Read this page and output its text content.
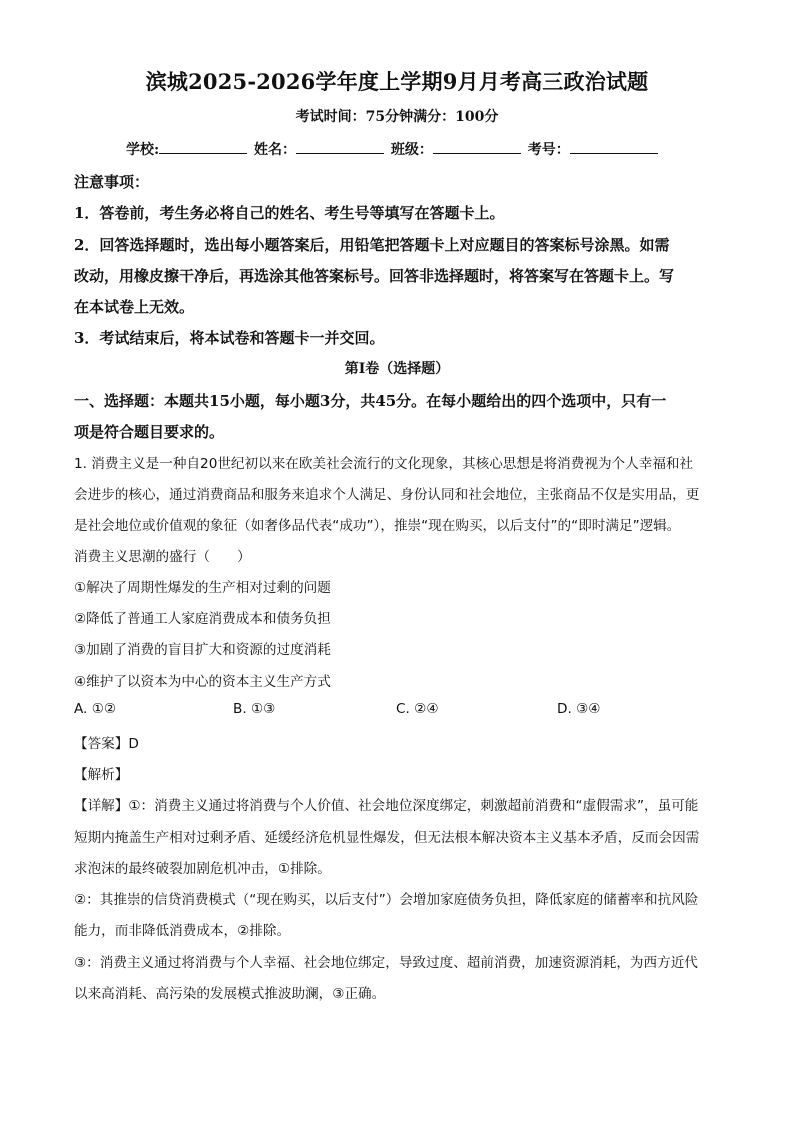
滨城2025-2026学年度上学期9月月考高三政治试题
考试时间：75分钟满分：100分
学校:	姓名：	班级：	考号：
注意事项：
1．答卷前，考生务必将自己的姓名、考生号等填写在答题卡上。
2．回答选择题时，选出每小题答案后，用铅笔把答题卡上对应题目的答案标号涂黑。如需
改动，用橡皮擦干净后，再选涂其他答案标号。回答非选择题时，将答案写在答题卡上。写
在本试卷上无效。
3．考试结束后，将本试卷和答题卡一并交回。
第Ⅰ卷（选择题）
一、选择题：本题共15小题，每小题3分，共45分。在每小题给出的四个选项中，只有一
项是符合题目要求的。
1. 消费主义是一种自20世纪初以来在欧美社会流行的文化现象，其核心思想是将消费视为个人幸福和社
会进步的核心，通过消费商品和服务来追求个人满足、身份认同和社会地位，主张商品不仅是实用品，更
是社会地位或价值观的象征（如奢侈品代表“成功”），推崇“现在购买，以后支付”的“即时满足”逻辑。
消费主义思潮的盛行（　　）
①解决了周期性爆发的生产相对过剩的问题
②降低了普通工人家庭消费成本和债务负担
③加剧了消费的盲目扩大和资源的过度消耗
④维护了以资本为中心的资本主义生产方式
A. ①②	B. ①③	C. ②④	D. ③④
【答案】D
【解析】
【详解】①：消费主义通过将消费与个人价值、社会地位深度绑定，刺激超前消费和“虚假需求”，虽可能
短期内掩盖生产相对过剩矛盾、延缓经济危机显性爆发，但无法根本解决资本主义基本矛盾，反而会因需
求泡沫的最终破裂加剧危机冲击，①排除。
②：其推崇的信贷消费模式（“现在购买，以后支付”）会增加家庭债务负担，降低家庭的储蓄率和抗风险
能力，而非降低消费成本，②排除。
③：消费主义通过将消费与个人幸福、社会地位绑定，导致过度、超前消费，加速资源消耗，为西方近代
以来高消耗、高污染的发展模式推波助澜，③正确。
